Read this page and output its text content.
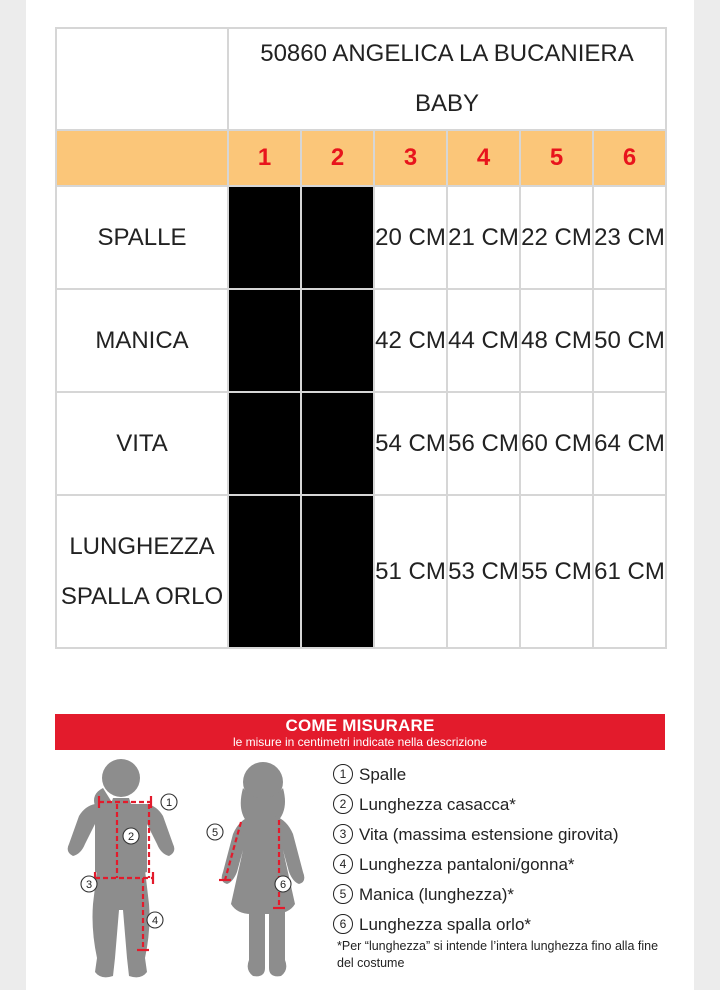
	50860 ANGELICA LA BUCANIERA BABY					
	1	2	3	4	5	6
SPALLE			20 CM	21 CM	22 CM	23 CM
MANICA			42 CM	44 CM	48 CM	50 CM
VITA			54 CM	56 CM	60 CM	64 CM
LUNGHEZZA SPALLA ORLO			51 CM	53 CM	55 CM	61 CM
COME MISURARE
le misure in centimetri indicate nella descrizione
1
2
3
4
5
6
1 Spalle
2 Lunghezza casacca*
3 Vita (massima estensione girovita)
4 Lunghezza pantaloni/gonna*
5 Manica (lunghezza)*
6 Lunghezza spalla orlo*
*Per “lunghezza” si intende l’intera lunghezza fino alla fine del costume
